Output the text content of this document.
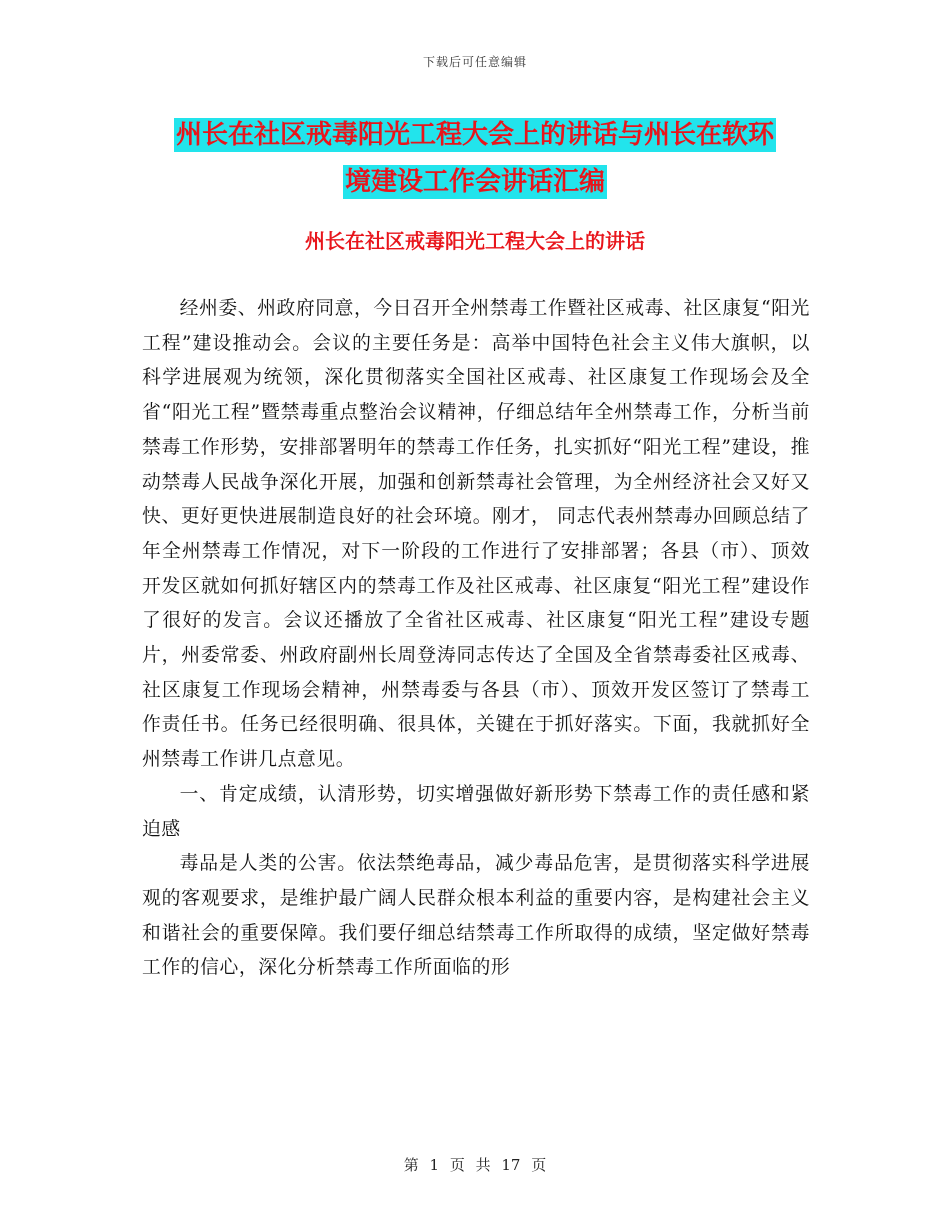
下载后可任意编辑
州长在社区戒毒阳光工程大会上的讲话与州长在软环
境建设工作会讲话汇编
州长在社区戒毒阳光工程大会上的讲话

经州委、州政府同意，今日召开全州禁毒工作暨社区戒毒、社区康复“阳光工程”建设推动会。会议的主要任务是：高举中国特色社会主义伟大旗帜，以科学进展观为统领，深化贯彻落实全国社区戒毒、社区康复工作现场会及全省“阳光工程”暨禁毒重点整治会议精神，仔细总结年全州禁毒工作，分析当前禁毒工作形势，安排部署明年的禁毒工作任务，扎实抓好“阳光工程”建设，推动禁毒人民战争深化开展，加强和创新禁毒社会管理，为全州经济社会又好又快、更好更快进展制造良好的社会环境。刚才， 同志代表州禁毒办回顾总结了年全州禁毒工作情况，对下一阶段的工作进行了安排部署；各县（市）、顶效开发区就如何抓好辖区内的禁毒工作及社区戒毒、社区康复“阳光工程”建设作了很好的发言。会议还播放了全省社区戒毒、社区康复“阳光工程”建设专题片，州委常委、州政府副州长周登涛同志传达了全国及全省禁毒委社区戒毒、社区康复工作现场会精神，州禁毒委与各县（市）、顶效开发区签订了禁毒工作责任书。任务已经很明确、很具体，关键在于抓好落实。下面，我就抓好全州禁毒工作讲几点意见。

一、肯定成绩，认清形势，切实增强做好新形势下禁毒工作的责任感和紧迫感

毒品是人类的公害。依法禁绝毒品，减少毒品危害，是贯彻落实科学进展观的客观要求，是维护最广阔人民群众根本利益的重要内容，是构建社会主义和谐社会的重要保障。我们要仔细总结禁毒工作所取得的成绩，坚定做好禁毒工作的信心，深化分析禁毒工作所面临的形

第 1 页 共 17 页
